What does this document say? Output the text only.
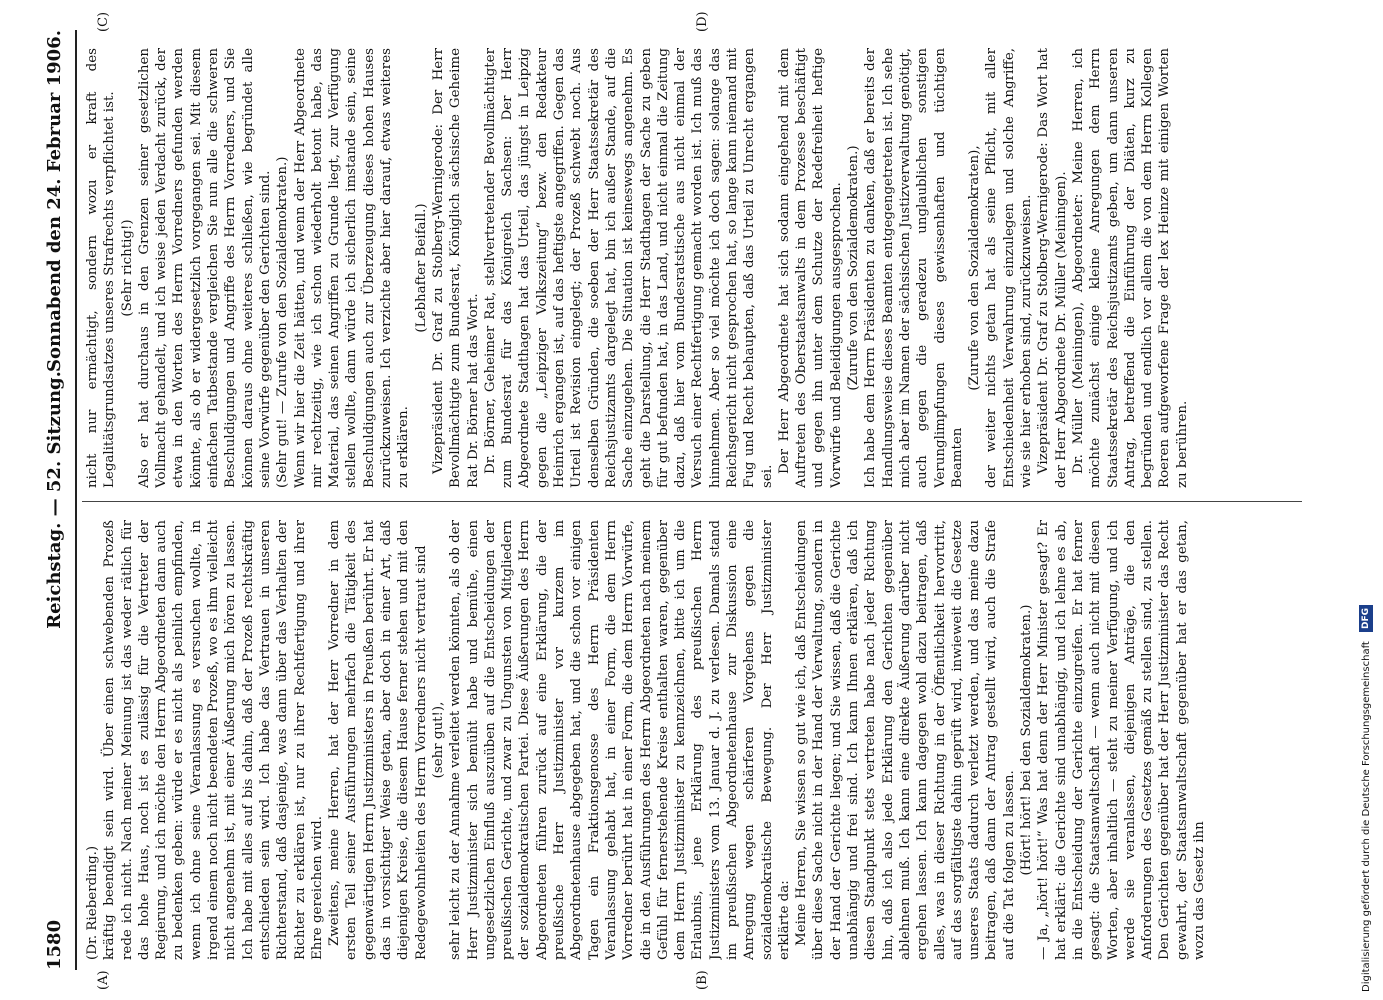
1580
Reichstag. — 52. Sitzung.
Sonnabend den 24. Februar 1906.
(A)	(B)
(C)	(D)

(Dr. Rieberding.) kräftig beendigt sein wird. Über einen schwebenden Prozeß rede ich nicht. Nach meiner Meinung ist das weder rätlich für das hohe Haus, noch ist es zulässig für die Vertreter der Regierung, und ich möchte den Herrn Abgeordneten dann auch zu bedenken geben: würde er es nicht als peinlich empfinden, wenn ich ohne seine Veranlassung es versuchen wollte, in irgend einem noch nicht beendeten Prozeß, wo es ihm vielleicht nicht angenehm ist, mit einer Äußerung mich hören zu lassen. Ich habe mit alles auf bis dahin, daß der Prozeß rechtskräftig entschieden sein wird. Ich habe das Vertrauen in unseren Richterstand, daß dasjenige, was dann über das Verhalten der Richter zu erklären ist, nur zu ihrer Rechtfertigung und ihrer Ehre gereichen wird. Zweitens, meine Herren, hat der Herr Vorredner in dem ersten Teil seiner Ausführungen mehrfach die Tätigkeit des gegenwärtigen Herrn Justizministers in Preußen berührt. Er hat das in vorsichtiger Weise getan, aber doch in einer Art, daß diejenigen Kreise, die diesem Hause ferner stehen und mit den Redegewohnheiten des Herrn Vorredners nicht vertraut sind (sehr gut!), sehr leicht zu der Annahme verleitet werden könnten, als ob der Herr Justizminister sich bemüht habe und bemühe, einen ungesetzlichen Einfluß auszuüben auf die Entscheidungen der preußischen Gerichte, und zwar zu Ungunsten von Mitgliedern der sozialdemokratischen Partei. Diese Äußerungen des Herrn Abgeordneten führen zurück auf eine Erklärung, die der preußische Herr Justizminister vor kurzem im Abgeordnetenhause abgegeben hat, und die schon vor einigen Tagen ein Fraktionsgenosse des Herrn Präsidenten Veranlassung gehabt hat, in einer Form, die dem Herrn Vorredner berührt hat in einer Form, die dem Herrn Vorwürfe, die in den Ausführungen des Herrn Abgeordneten nach meinem Gefühl für fernerstehende Kreise enthalten waren, gegenüber dem Herrn Justizminister zu kennzeichnen, bitte ich um die Erlaubnis, jene Erklärung des preußischen Herrn Justizministers vom 13. Januar d. J. zu verlesen. Damals stand im preußischen Abgeordnetenhause zur Diskussion eine Anregung wegen schärferen Vorgehens gegen die sozialdemokratische Bewegung. Der Herr Justizminister erklärte da: Meine Herren, Sie wissen so gut wie ich, daß Entscheidungen über diese Sache nicht in der Hand der Verwaltung, sondern in der Hand der Gerichte liegen; und Sie wissen, daß die Gerichte unabhängig und frei sind. Ich kann Ihnen erklären, daß ich diesen Standpunkt stets vertreten habe nach jeder Richtung hin, daß ich also jede Erklärung den Gerichten gegenüber ablehnen muß. Ich kann eine direkte Äußerung darüber nicht ergehen lassen. Ich kann dagegen wohl dazu beitragen, daß alles, was in dieser Richtung in der Öffentlichkeit hervortritt, auf das sorgfältigste dahin geprüft wird, inwieweit die Gesetze unseres Staats dadurch verletzt werden, und das meine dazu beitragen, daß dann der Antrag gestellt wird, auch die Strafe auf die Tat folgen zu lassen. (Hört! hört! bei den Sozialdemokraten.) — Ja, „hört! hört!“ Was hat denn der Herr Minister gesagt? Er hat erklärt: die Gerichte sind unabhängig, und ich lehne es ab, in die Entscheidung der Gerichte einzugreifen. Er hat ferner gesagt: die Staatsanwaltschaft — wenn auch nicht mit diesen Worten, aber inhaltlich — steht zu meiner Verfügung, und ich werde sie veranlassen, diejenigen Anträge, die den Anforderungen des Gesetzes gemäß zu stellen sind, zu stellen. Den Gerichten gegenüber hat der Herr Justizminister das Recht gewahrt, der Staatsanwaltschaft gegenüber hat er das getan, wozu das Gesetz ihn

nicht nur ermächtigt, sondern wozu er kraft des Legalitätsgrundsatzes unseres Strafrechts verpflichtet ist. (Sehr richtig!) Also er hat durchaus in den Grenzen seiner gesetzlichen Vollmacht gehandelt, und ich weise jeden Verdacht zurück, der etwa in den Worten des Herrn Vorredners gefunden werden könnte, als ob er widergesetzlich vorgegangen sei. Mit diesem einfachen Tatbestande vergleichen Sie nun alle die schweren Beschuldigungen und Angriffe des Herrn Vorredners, und Sie können daraus ohne weiteres schließen, wie begründet alle seine Vorwürfe gegenüber den Gerichten sind. (Sehr gut! — Zurufe von den Sozialdemokraten.) Wenn wir hier die Zeit hätten, und wenn der Herr Abgeordnete mir rechtzeitig, wie ich schon wiederholt betont habe, das Material, das seinen Angriffen zu Grunde liegt, zur Verfügung stellen wollte, dann würde ich sicherlich imstande sein, seine Beschuldigungen auch zur Überzeugung dieses hohen Hauses zurückzuweisen. Ich verzichte aber hier darauf, etwas weiteres zu erklären.

(Lebhafter Beifall.) Vizepräsident Dr. Graf zu Stolberg-Wernigerode: Der Herr Bevollmächtigte zum Bundesrat, Königlich sächsische Geheime Rat Dr. Börner hat das Wort. Dr. Börner, Geheimer Rat, stellvertretender Bevollmächtigter zum Bundesrat für das Königreich Sachsen: Der Herr Abgeordnete Stadthagen hat das Urteil, das jüngst in Leipzig gegen die „Leipziger Volkszeitung“ bezw. den Redakteur Heinrich ergangen ist, auf das heftigste angegriffen. Gegen das Urteil ist Revision eingelegt; der Prozeß schwebt noch. Aus denselben Gründen, die soeben der Herr Staatssekretär des Reichsjustizamts dargelegt hat, bin ich außer Stande, auf die Sache einzugehen. Die Situation ist keineswegs angenehm. Es geht die Darstellung, die Herr Stadthagen der Sache zu geben für gut befunden hat, in das Land, und nicht einmal die Zeitung dazu, daß hier vom Bundesratstische aus nicht einmal der Versuch einer Rechtfertigung gemacht worden ist. Ich muß das hinnehmen. Aber so viel möchte ich doch sagen: solange das Reichsgericht nicht gesprochen hat, so lange kann niemand mit Fug und Recht behaupten, daß das Urteil zu Unrecht ergangen sei.

Der Herr Abgeordnete hat sich sodann eingehend mit dem Auftreten des Oberstaatsanwalts in dem Prozesse beschäftigt und gegen ihn unter dem Schutze der Redefreiheit heftige Vorwürfe und Beleidigungen ausgesprochen. (Zurufe von den Sozialdemokraten.) Ich habe dem Herrn Präsidenten zu danken, daß er bereits der Handlungsweise dieses Beamten entgegengetreten ist. Ich sehe mich aber im Namen der sächsischen Justizverwaltung genötigt, auch gegen die geradezu unglaublichen sonstigen Verunglimpfungen dieses gewissenhaften und tüchtigen Beamten

(Zurufe von den Sozialdemokraten), der weiter nichts getan hat als seine Pflicht, mit aller Entschiedenheit Verwahrung einzulegen und solche Angriffe, wie sie hier erhoben sind, zurückzuweisen. Vizepräsident Dr. Graf zu Stolberg-Wernigerode: Das Wort hat der Herr Abgeordnete Dr. Müller (Meiningen). Dr. Müller (Meiningen), Abgeordneter: Meine Herren, ich möchte zunächst einige kleine Anregungen dem Herrn Staatssekretär des Reichsjustizamts geben, um dann unseren Antrag, betreffend die Einführung der Diäten, kurz zu begründen und endlich vor allem die von dem Herrn Kollegen Roeren aufgeworfene Frage der lex Heinze mit einigen Worten zu berühren.

Digitalisierung gefördert durch die Deutsche Forschungsgemeinschaft DFG
